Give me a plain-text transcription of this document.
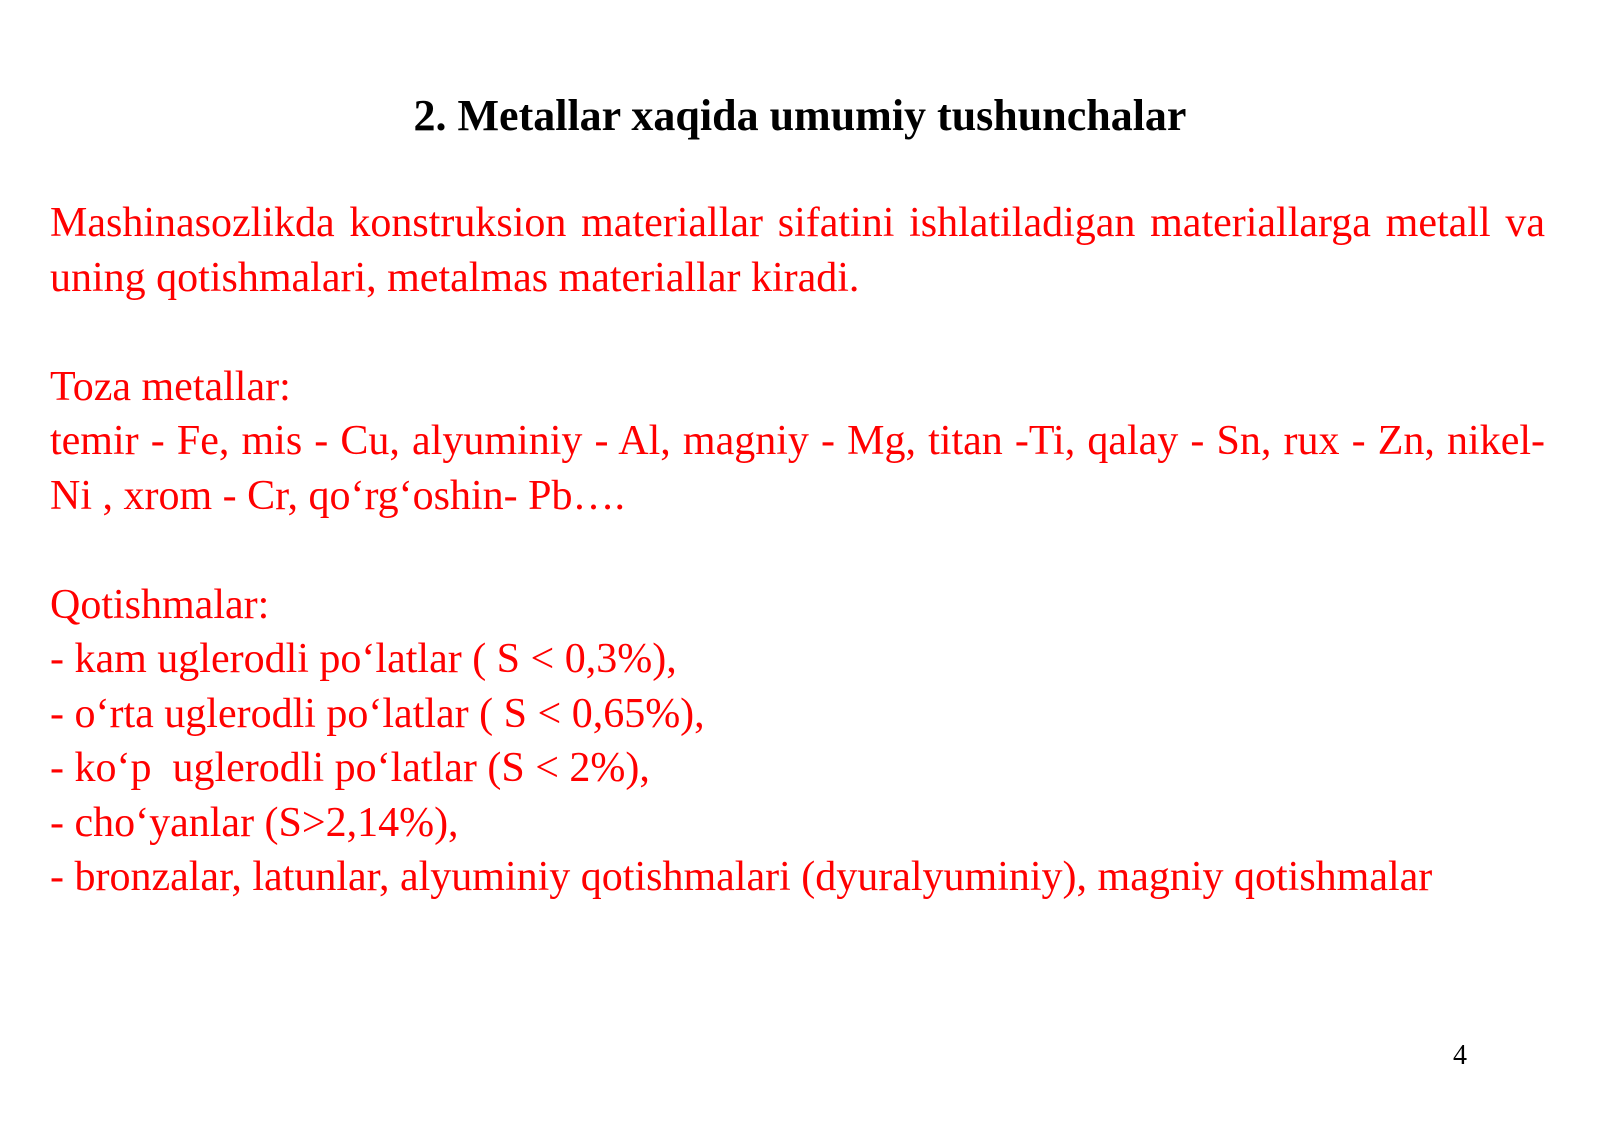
2. Metallar xaqida umumiy tushunchalar

Mashinasozlikda konstruksion materiallar sifatini ishlatiladigan materiallarga metall va uning qotishmalari, metalmas materiallar kiradi.

Toza metallar:

temir - Fe, mis - Cu, alyuminiy - Al, magniy - Mg, titan -Ti, qalay - Sn, rux - Zn, nikel- Ni , xrom - Cr, qo‘rg‘oshin- Pb….

Qotishmalar:

- kam uglerodli po‘latlar ( S < 0,3%),
- o‘rta uglerodli po‘latlar ( S < 0,65%),
- ko‘p  uglerodli po‘latlar (S < 2%),
- cho‘yanlar (S>2,14%),

- bronzalar, latunlar, alyuminiy qotishmalari (dyuralyuminiy), magniy qotishmalar

4
